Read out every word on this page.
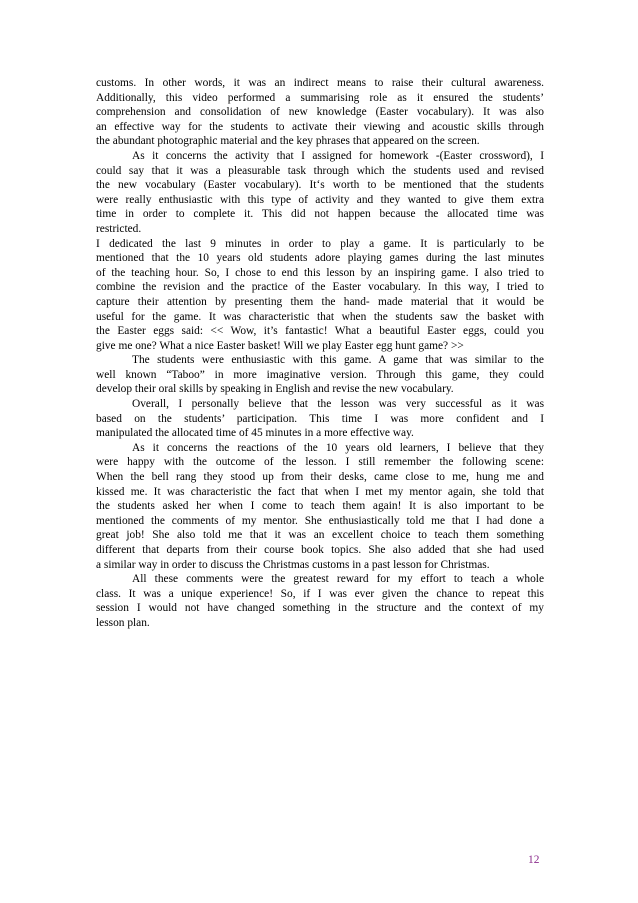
customs. In other words, it was an indirect means to raise their cultural awareness.
Additionally, this video performed a summarising role as it ensured the students’
comprehension and consolidation of new knowledge (Easter vocabulary). It was also
an effective way for the students to activate their viewing and acoustic skills through
the abundant photographic material and the key phrases that appeared on the screen.
As it concerns the activity that I assigned for homework -(Easter crossword), I
could say that it was a pleasurable task through which the students used and revised
the new vocabulary (Easter vocabulary). It‘s worth to be mentioned that the students
were really enthusiastic with this type of activity and they wanted to give them extra
time in order to complete it. This did not happen because the allocated time was
restricted.
I dedicated the last 9 minutes in order to play a game. It is particularly to be
mentioned that the 10 years old students adore playing games during the last minutes
of the teaching hour. So, I chose to end this lesson by an inspiring game. I also tried to
combine the revision and the practice of the Easter vocabulary. In this way, I tried to
capture their attention by presenting them the hand- made material that it would be
useful for the game. It was characteristic that when the students saw the basket with
the Easter eggs said: << Wow, it’s fantastic! What a beautiful Easter eggs, could you
give me one? What a nice Easter basket! Will we play Easter egg hunt game? >>
The students were enthusiastic with this game. A game that was similar to the
well known “Taboo” in more imaginative version. Through this game, they could
develop their oral skills by speaking in English and revise the new vocabulary.
Overall, I personally believe that the lesson was very successful as it was
based on the students’ participation. This time I was more confident and I
manipulated the allocated time of 45 minutes in a more effective way.
As it concerns the reactions of the 10 years old learners, I believe that they
were happy with the outcome of the lesson. I still remember the following scene:
When the bell rang they stood up from their desks, came close to me, hung me and
kissed me. It was characteristic the fact that when I met my mentor again, she told that
the students asked her when I come to teach them again! It is also important to be
mentioned the comments of my mentor. She enthusiastically told me that I had done a
great job! She also told me that it was an excellent choice to teach them something
different that departs from their course book topics. She also added that she had used
a similar way in order to discuss the Christmas customs in a past lesson for Christmas.
All these comments were the greatest reward for my effort to teach a whole
class. It was a unique experience! So, if I was ever given the chance to repeat this
session I would not have changed something in the structure and the context of my
lesson plan.
12
